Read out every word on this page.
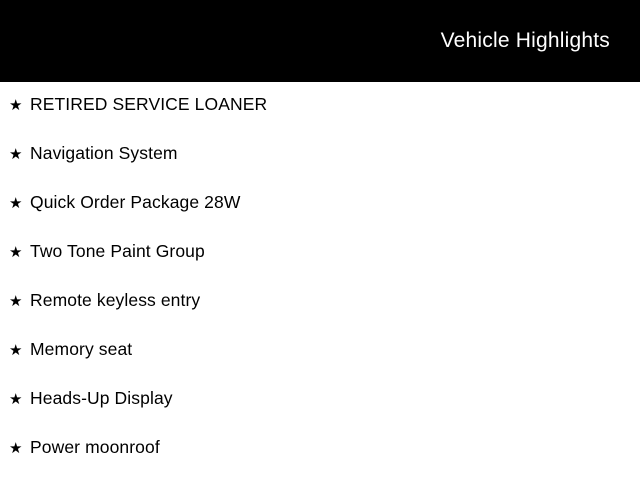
Vehicle Highlights
★ RETIRED SERVICE LOANER
★ Navigation System
★ Quick Order Package 28W
★ Two Tone Paint Group
★ Remote keyless entry
★ Memory seat
★ Heads-Up Display
★ Power moonroof
